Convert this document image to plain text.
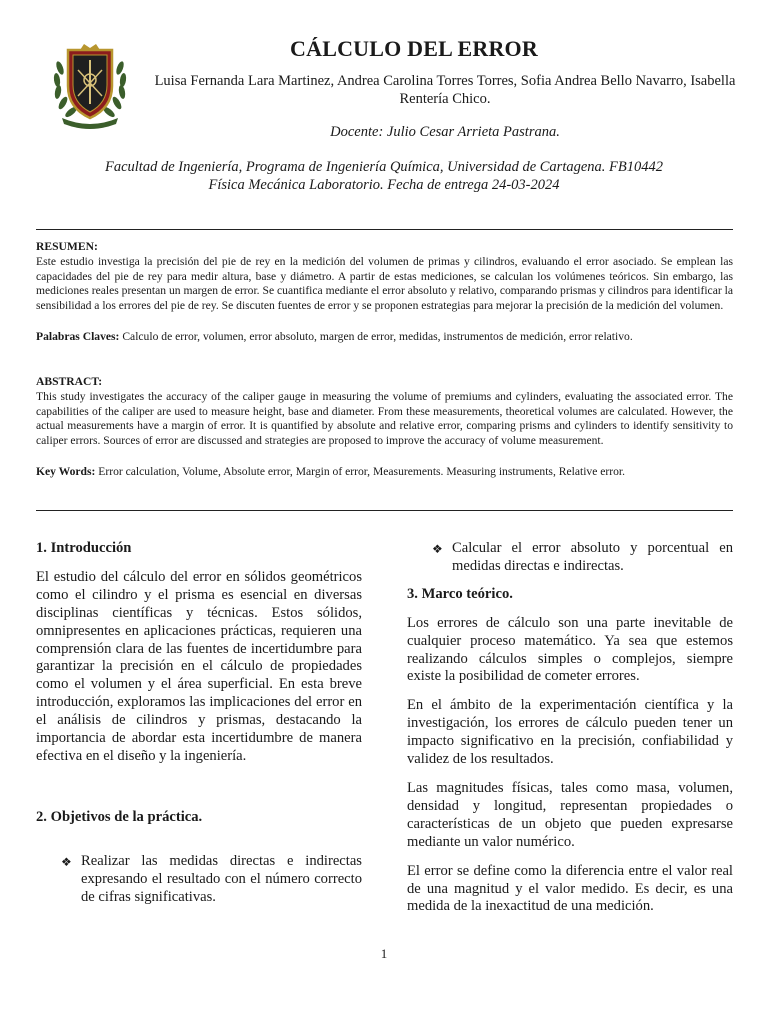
CÁLCULO DEL ERROR
Luisa Fernanda Lara Martinez, Andrea Carolina Torres Torres, Sofia Andrea Bello Navarro, Isabella Rentería Chico.
Docente: Julio Cesar Arrieta Pastrana.
Facultad de Ingeniería, Programa de Ingeniería Química, Universidad de Cartagena. FB10442
Física Mecánica Laboratorio. Fecha de entrega 24-03-2024
RESUMEN:
Este estudio investiga la precisión del pie de rey en la medición del volumen de primas y cilindros, evaluando el error asociado. Se emplean las capacidades del pie de rey para medir altura, base y diámetro. A partir de estas mediciones, se calculan los volúmenes teóricos. Sin embargo, las mediciones reales presentan un margen de error. Se cuantifica mediante el error absoluto y relativo, comparando prismas y cilindros para identificar la sensibilidad a los errores del pie de rey. Se discuten fuentes de error y se proponen estrategias para mejorar la precisión de la medición del volumen.
Palabras Claves: Calculo de error, volumen, error absoluto, margen de error, medidas, instrumentos de medición, error relativo.
ABSTRACT:
This study investigates the accuracy of the caliper gauge in measuring the volume of premiums and cylinders, evaluating the associated error. The capabilities of the caliper are used to measure height, base and diameter. From these measurements, theoretical volumes are calculated. However, the actual measurements have a margin of error. It is quantified by absolute and relative error, comparing prisms and cylinders to identify sensitivity to caliper errors. Sources of error are discussed and strategies are proposed to improve the accuracy of volume measurement.
Key Words: Error calculation, Volume, Absolute error, Margin of error, Measurements. Measuring instruments, Relative error.

1. Introducción

El estudio del cálculo del error en sólidos geométricos como el cilindro y el prisma es esencial en diversas disciplinas científicas y técnicas. Estos sólidos, omnipresentes en aplicaciones prácticas, requieren una comprensión clara de las fuentes de incertidumbre para garantizar la precisión en el cálculo de propiedades como el volumen y el área superficial. En esta breve introducción, exploramos las implicaciones del error en el análisis de cilindros y prismas, destacando la importancia de abordar esta incertidumbre de manera efectiva en el diseño y la ingeniería.

2. Objetivos de la práctica.

❖ Realizar las medidas directas e indirectas expresando el resultado con el número correcto de cifras significativas.
❖ Calcular el error absoluto y porcentual en medidas directas e indirectas.

3. Marco teórico.

Los errores de cálculo son una parte inevitable de cualquier proceso matemático. Ya sea que estemos realizando cálculos simples o complejos, siempre existe la posibilidad de cometer errores.

En el ámbito de la experimentación científica y la investigación, los errores de cálculo pueden tener un impacto significativo en la precisión, confiabilidad y validez de los resultados.

Las magnitudes físicas, tales como masa, volumen, densidad y longitud, representan propiedades o características de un objeto que pueden expresarse mediante un valor numérico.

El error se define como la diferencia entre el valor real de una magnitud y el valor medido. Es decir, es una medida de la inexactitud de una medición.

1
